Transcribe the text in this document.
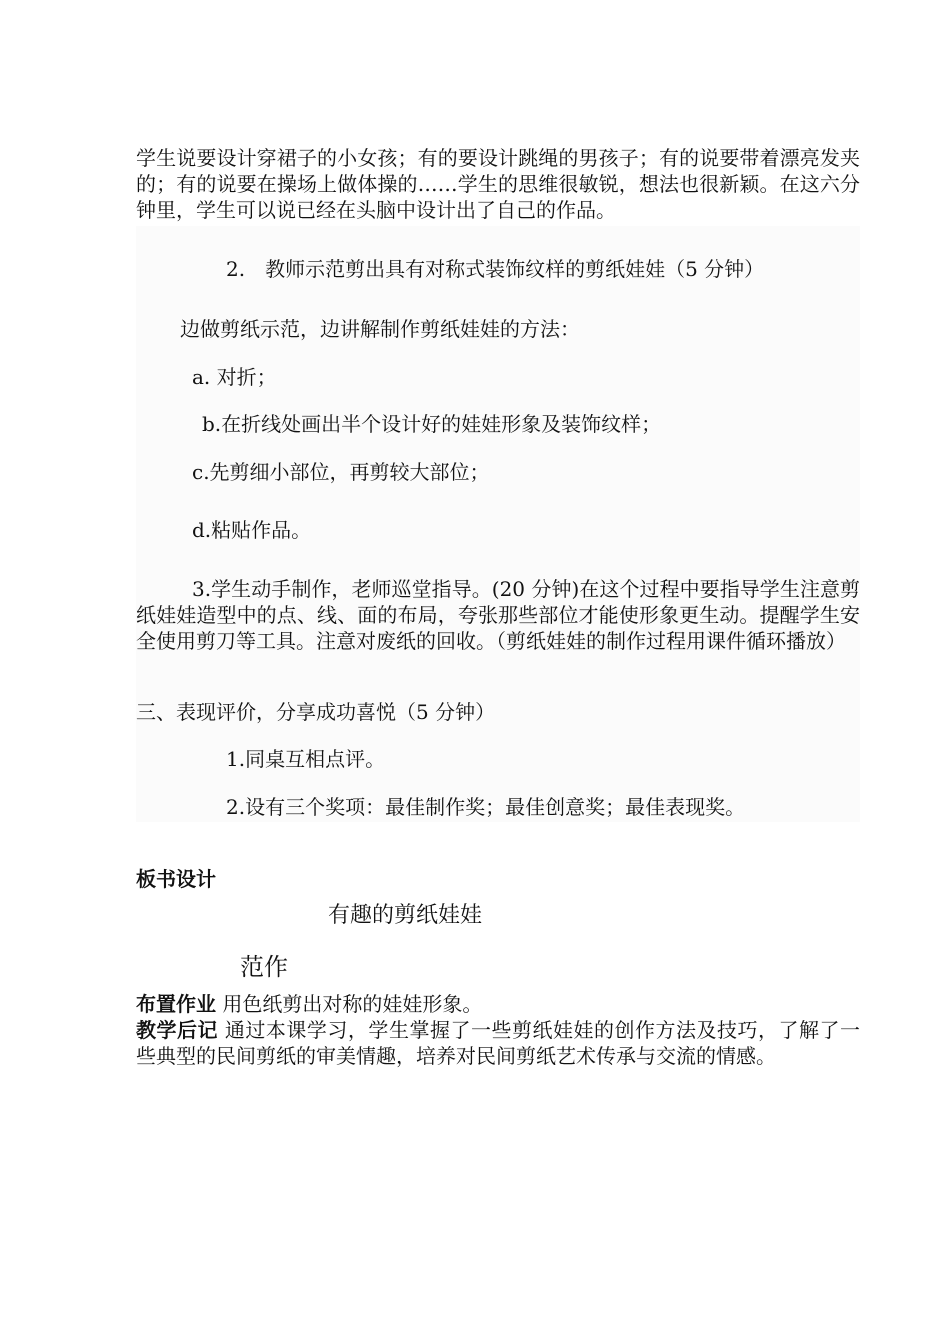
学生说要设计穿裙子的小女孩；有的要设计跳绳的男孩子；有的说要带着漂亮发夹的；有的说要在操场上做体操的……学生的思维很敏锐，想法也很新颖。在这六分钟里，学生可以说已经在头脑中设计出了自己的作品。
2.　教师示范剪出具有对称式装饰纹样的剪纸娃娃（5 分钟）
边做剪纸示范，边讲解制作剪纸娃娃的方法：
a. 对折；
b.在折线处画出半个设计好的娃娃形象及装饰纹样；
c.先剪细小部位，再剪较大部位；
d.粘贴作品。
3.学生动手制作，老师巡堂指导。(20 分钟)在这个过程中要指导学生注意剪纸娃娃造型中的点、线、面的布局，夸张那些部位才能使形象更生动。提醒学生安全使用剪刀等工具。注意对废纸的回收。（剪纸娃娃的制作过程用课件循环播放）
三、表现评价，分享成功喜悦（5 分钟）
1.同桌互相点评。
2.设有三个奖项：最佳制作奖；最佳创意奖；最佳表现奖。
板书设计
有趣的剪纸娃娃
范作
布置作业 用色纸剪出对称的娃娃形象。
教学后记 通过本课学习，学生掌握了一些剪纸娃娃的创作方法及技巧，了解了一些典型的民间剪纸的审美情趣，培养对民间剪纸艺术传承与交流的情感。
